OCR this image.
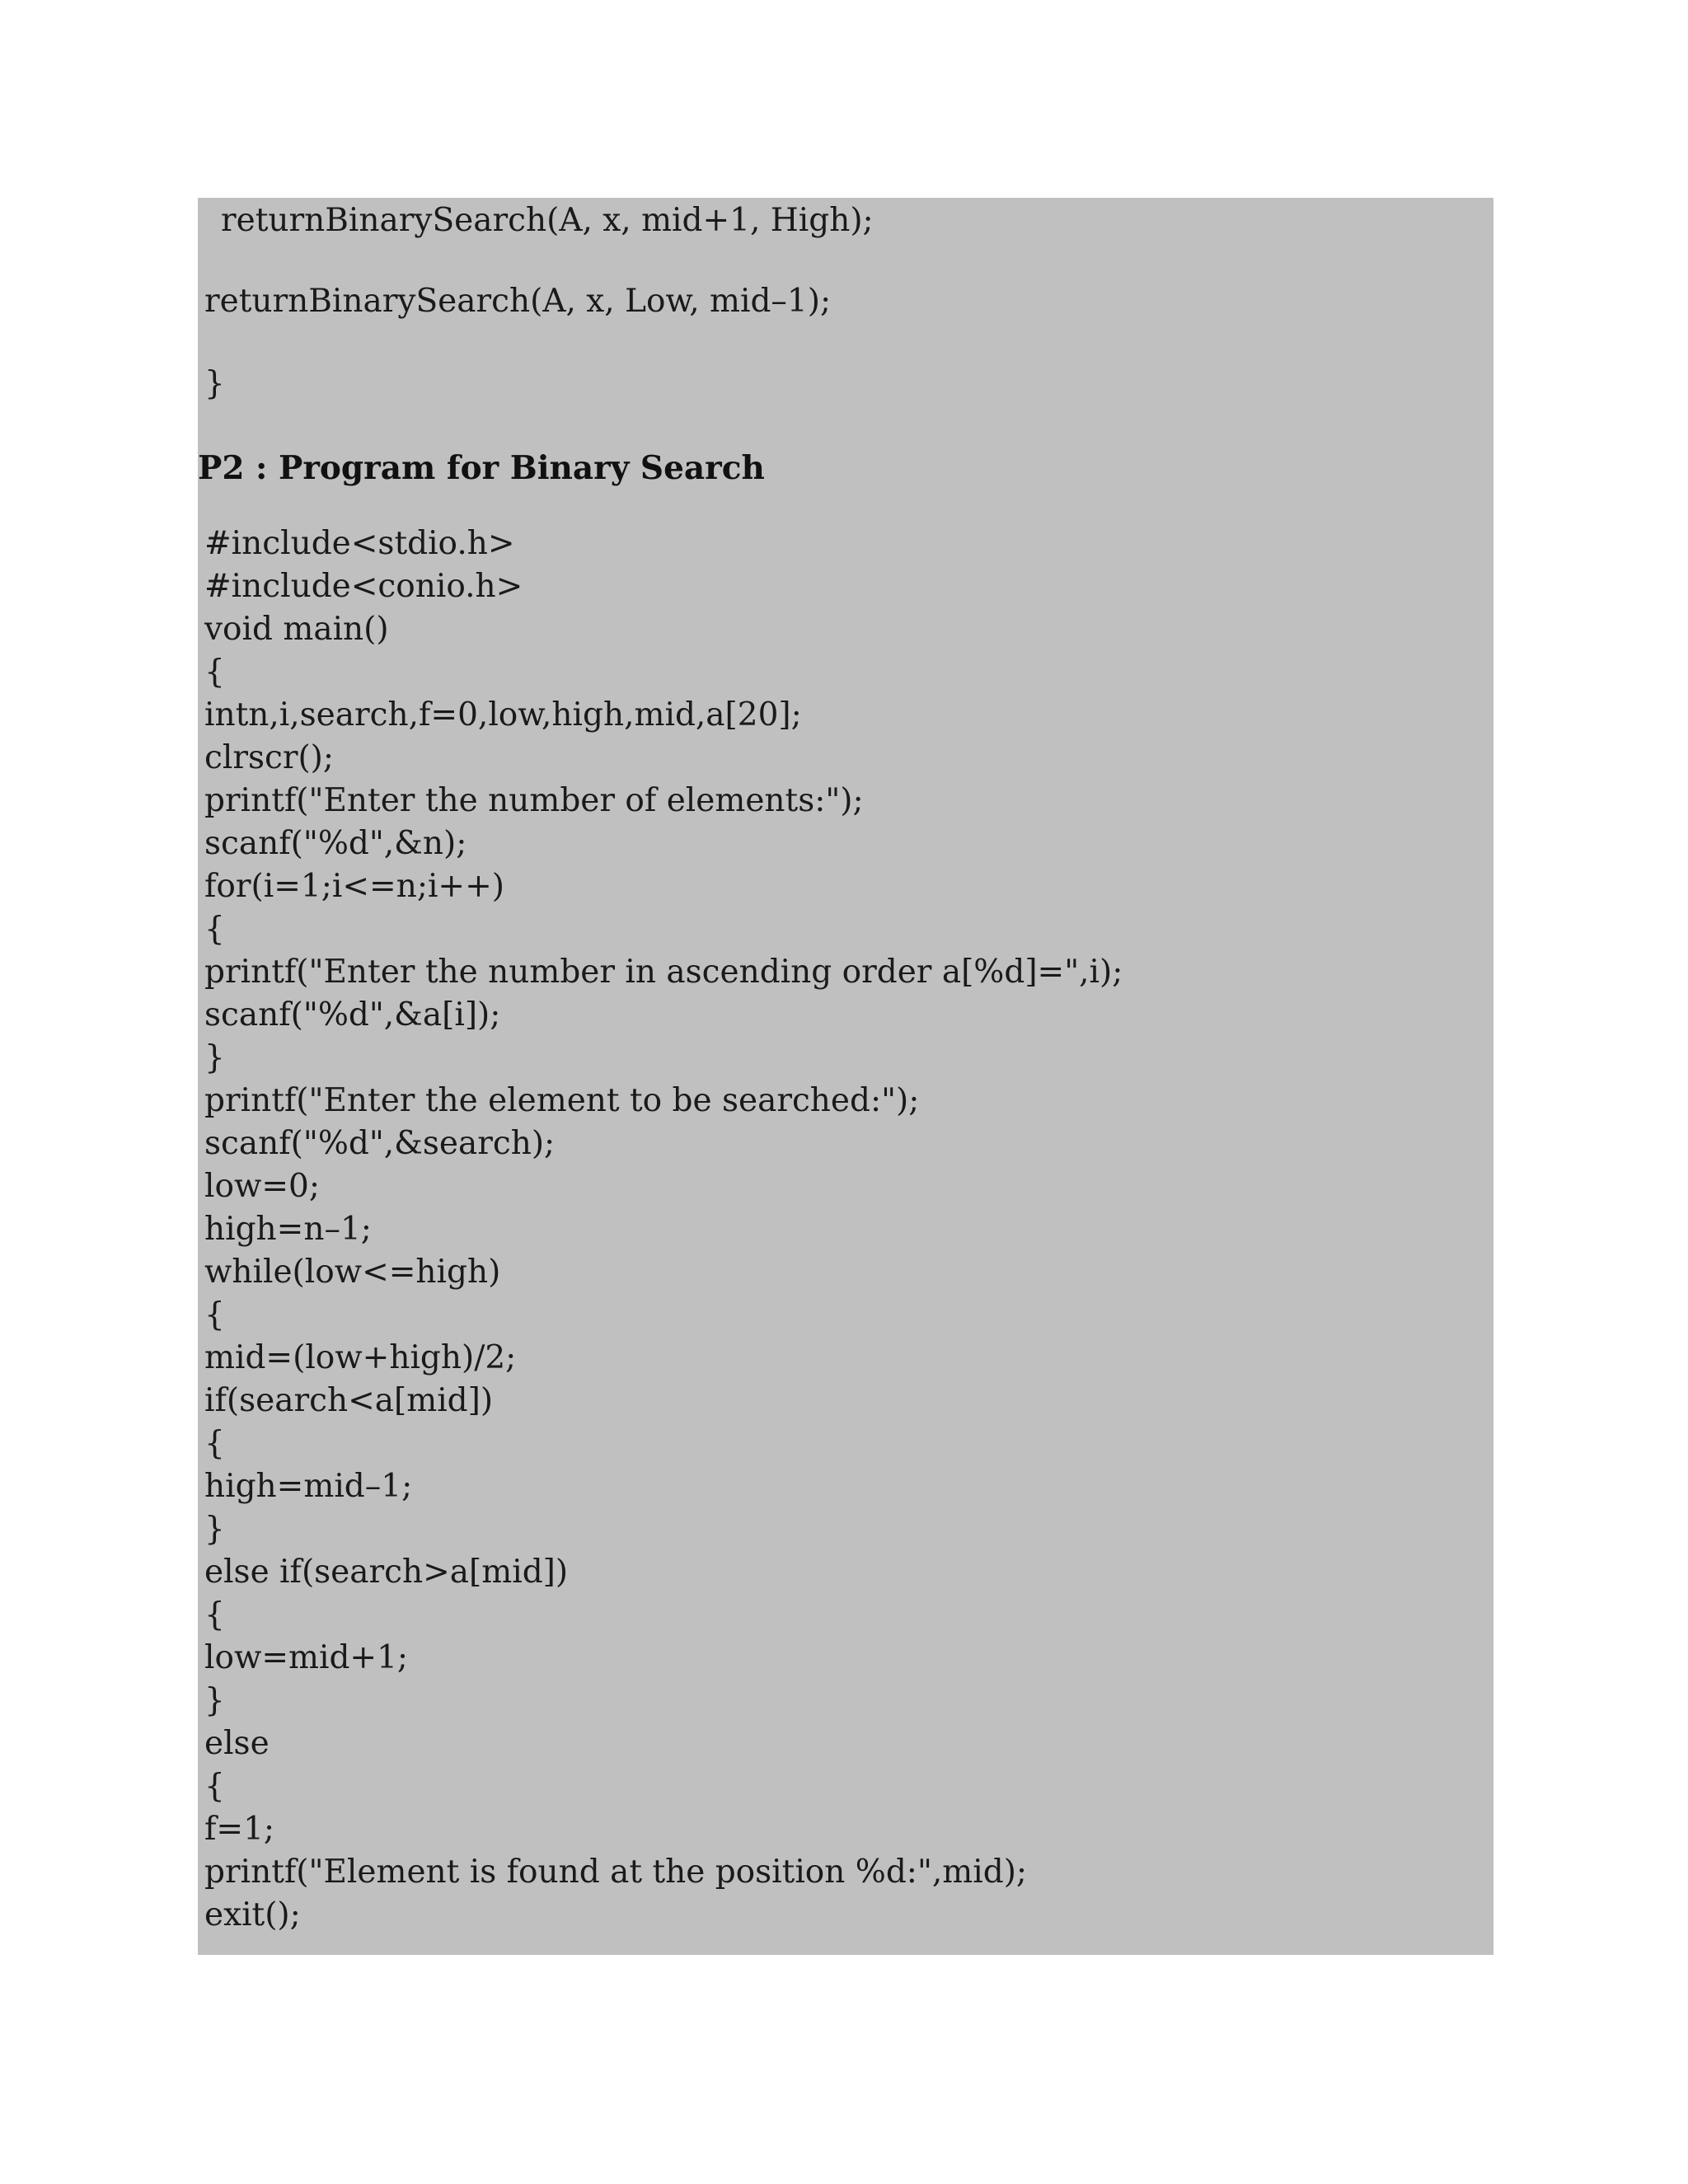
returnBinarySearch(A, x, mid+1, High);
returnBinarySearch(A, x, Low, mid–1);
}
P2 : Program for Binary Search
#include<stdio.h>
#include<conio.h>
void main()
{
intn,i,search,f=0,low,high,mid,a[20];
clrscr();
printf("Enter the number of elements:");
scanf("%d",&n);
for(i=1;i<=n;i++)
{
printf("Enter the number in ascending order a[%d]=",i);
scanf("%d",&a[i]);
}
printf("Enter the element to be searched:");
scanf("%d",&search);
low=0;
high=n–1;
while(low<=high)
{
mid=(low+high)/2;
if(search<a[mid])
{
high=mid–1;
}
else if(search>a[mid])
{
low=mid+1;
}
else
{
f=1;
printf("Element is found at the position %d:",mid);
exit();
